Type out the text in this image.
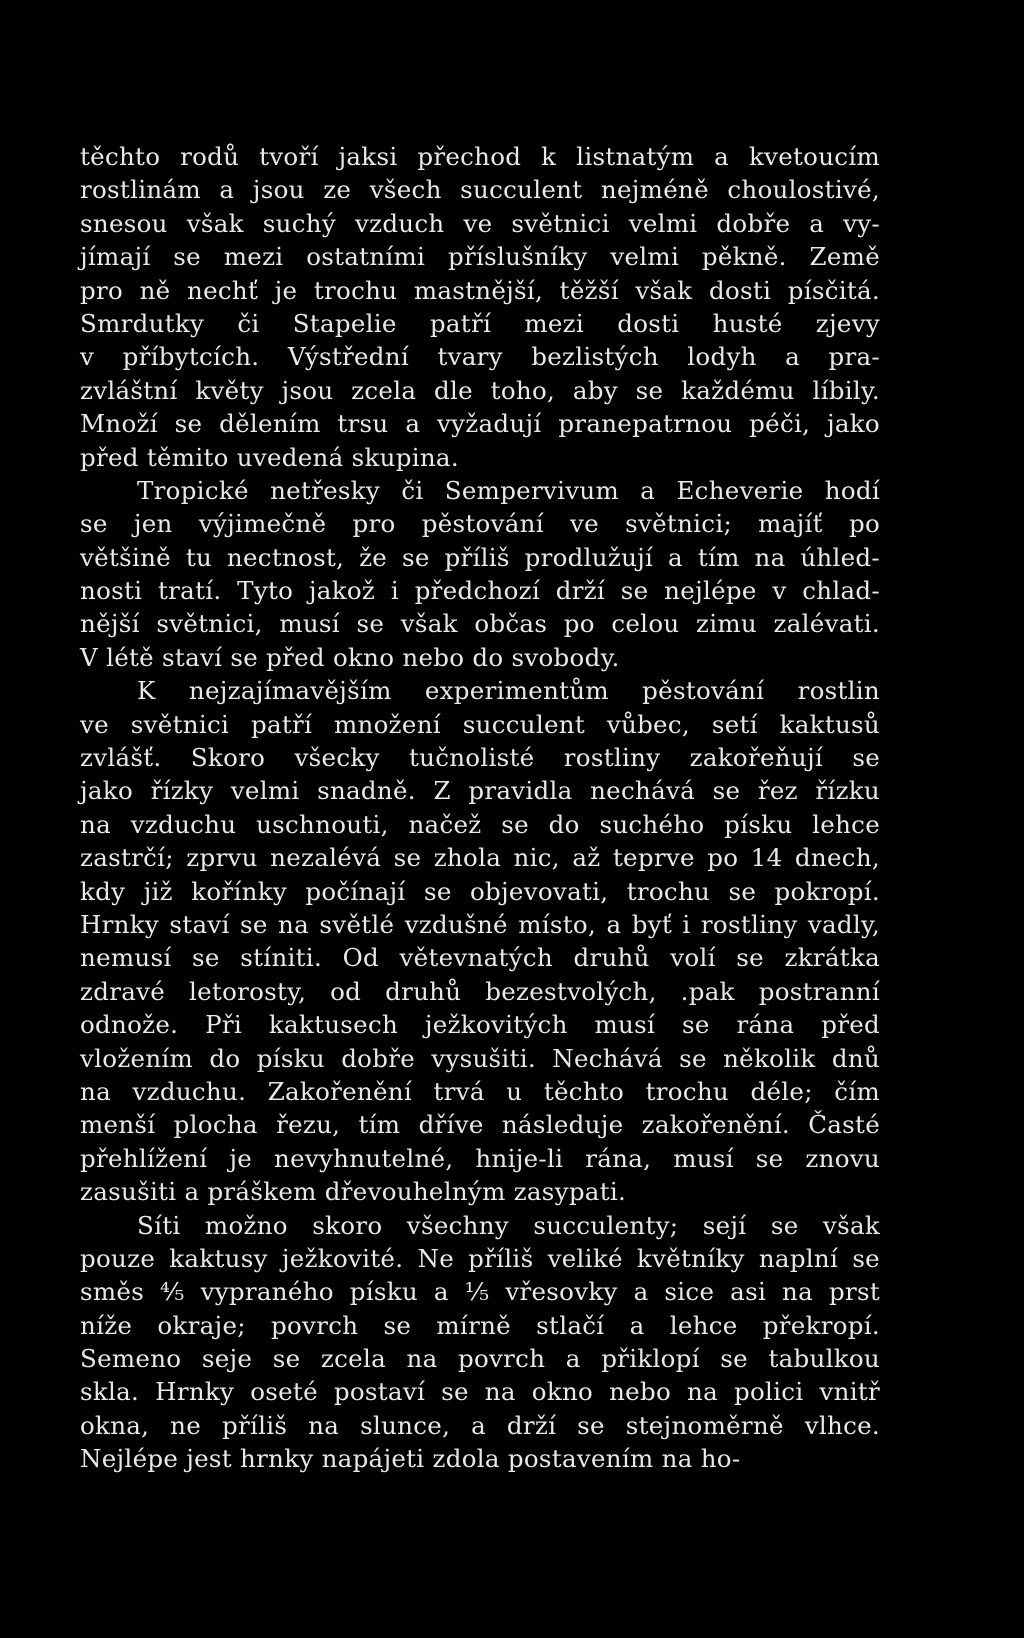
těchto rodů tvoří jaksi přechod k listnatým a kvetoucím
rostlinám a jsou ze všech succulent nejméně choulostivé,
snesou však suchý vzduch ve světnici velmi dobře a vy-
jímají se mezi ostatními příslušníky velmi pěkně. Země
pro ně nechť je trochu mastnější, těžší však dosti písčitá.
Smrdutky či Stapelie patří mezi dosti husté zjevy
v příbytcích. Výstřední tvary bezlistých lodyh a pra-
zvláštní květy jsou zcela dle toho, aby se každému líbily.
Množí se dělením trsu a vyžadují pranepatrnou péči, jako
před těmito uvedená skupina.
Tropické netřesky či Sempervivum a Echeverie hodí
se jen výjimečně pro pěstování ve světnici; majíť po
většině tu nectnost, že se příliš prodlužují a tím na úhled-
nosti tratí. Tyto jakož i předchozí drží se nejlépe v chlad-
nější světnici, musí se však občas po celou zimu zalévati.
V létě staví se před okno nebo do svobody.
K nejzajímavějším experimentům pěstování rostlin
ve světnici patří množení succulent vůbec, setí kaktusů
zvlášť. Skoro všecky tučnolisté rostliny zakořeňují se
jako řízky velmi snadně. Z pravidla nechává se řez řízku
na vzduchu uschnouti, načež se do suchého písku lehce
zastrčí; zprvu nezalévá se zhola nic, až teprve po 14 dnech,
kdy již kořínky počínají se objevovati, trochu se pokropí.
Hrnky staví se na světlé vzdušné místo, a byť i rostliny vadly,
nemusí se stíniti. Od větevnatých druhů volí se zkrátka
zdravé letorosty, od druhů bezestvolých, .pak postranní
odnože. Při kaktusech ježkovitých musí se rána před
vložením do písku dobře vysušiti. Nechává se několik dnů
na vzduchu. Zakořenění trvá u těchto trochu déle; čím
menší plocha řezu, tím dříve následuje zakořenění. Časté
přehlížení je nevyhnutelné, hnije-li rána, musí se znovu
zasušiti a práškem dřevouhelným zasypati.
Síti možno skoro všechny succulenty; sejí se však
pouze kaktusy ježkovité. Ne příliš veliké květníky naplní se
směs ⁴⁄₅ vypraného písku a ¹⁄₅ vřesovky a sice asi na prst
níže okraje; povrch se mírně stlačí a lehce překropí.
Semeno seje se zcela na povrch a přiklopí se tabulkou
skla. Hrnky oseté postaví se na okno nebo na polici vnitř
okna, ne příliš na slunce, a drží se stejnoměrně vlhce.
Nejlépe jest hrnky napájeti zdola postavením na ho-
